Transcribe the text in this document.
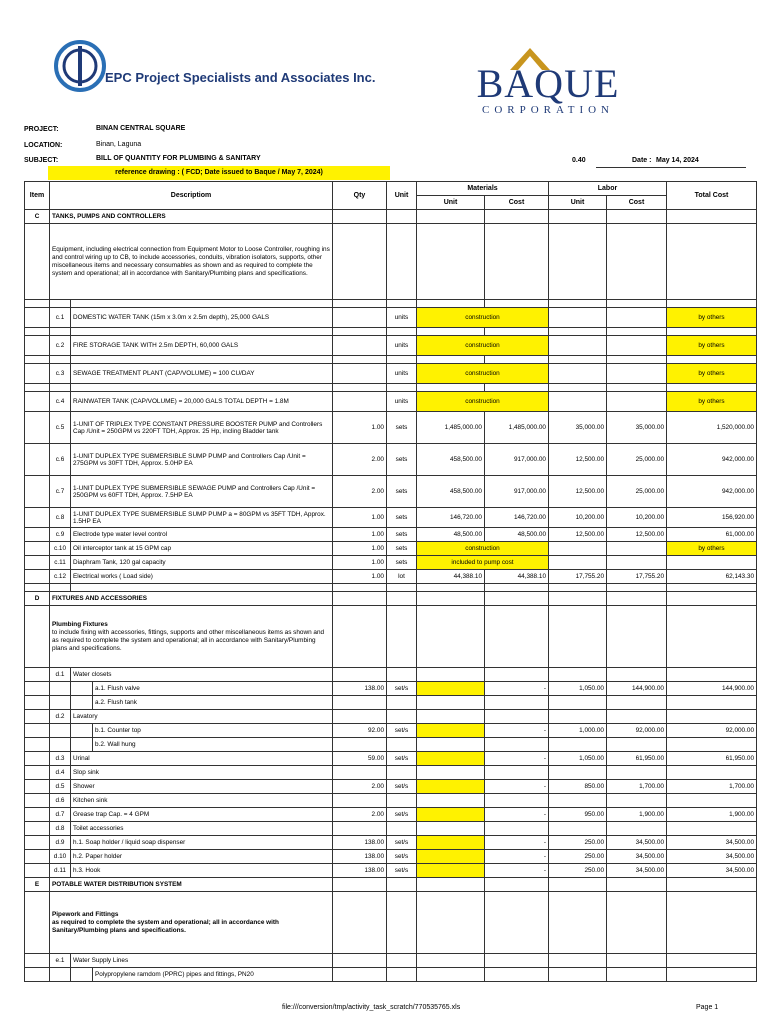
EPC Project Specialists and Associates Inc.	BAQUE
CORPORATION
PROJECT:	BINAN CENTRAL SQUARE
LOCATION:	Binan, Laguna
SUBJECT:	BILL OF QUANTITY FOR PLUMBING & SANITARY	0.40	Date : May 14, 2024
reference drawing : ( FCD; Date issued to Baque / May 7, 2024)
Item	Descriptiom			Qty	Unit	Materials		Labor		Total Cost
						Unit	Cost	Unit	Cost	
C	TANKS, PUMPS AND CONTROLLERS									

	Equipment, including electrical connection from Equipment Motor to Loose Controller, roughing ins and control wiring up to CB, to include accessories, conduits, vibration isolators, supports, other miscellaneous items and necessary consumables as shown and as required to complete the system and operational; all in accordance with Sanitary/Plumbing plans and specifications.									

	c.1	DOMESTIC WATER TANK (15m x 3.0m x 2.5m depth), 25,000 GALS			units	construction				by others

	c.2	FIRE STORAGE TANK WITH 2.5m DEPTH, 60,000 GALS			units	construction				by others

	c.3	SEWAGE TREATMENT PLANT (CAP/VOLUME) = 100 CU/DAY			units	construction				by others

	c.4	RAINWATER TANK (CAP/VOLUME) = 20,000 GALS TOTAL DEPTH = 1.8M			units	construction				by others
	c.5	1-UNIT OF TRIPLEX TYPE CONSTANT PRESSURE BOOSTER PUMP and Controllers Cap /Unit = 250GPM vs 220FT TDH, Approx. 25 Hp, incling Bladder tank		1.00	sets	1,485,000.00	1,485,000.00	35,000.00	35,000.00	1,520,000.00
	c.6	1-UNIT DUPLEX TYPE SUBMERSIBLE SUMP PUMP and Controllers Cap /Unit = 275GPM vs 30FT TDH, Approx. 5.0HP EA		2.00	sets	458,500.00	917,000.00	12,500.00	25,000.00	942,000.00
	c.7	1-UNIT DUPLEX TYPE SUBMERSIBLE SEWAGE PUMP and Controllers Cap /Unit = 250GPM vs 60FT TDH, Approx. 7.5HP EA		2.00	sets	458,500.00	917,000.00	12,500.00	25,000.00	942,000.00
	c.8	1-UNIT DUPLEX TYPE SUBMERSIBLE SUMP PUMP a = 80GPM vs 35FT TDH, Approx. 1.5HP EA		1.00	sets	146,720.00	146,720.00	10,200.00	10,200.00	156,920.00
	c.9	Electrode type water level control		1.00	sets	48,500.00	48,500.00	12,500.00	12,500.00	61,000.00
	c.10	Oil interceptor tank at 15 GPM cap		1.00	sets	construction				by others
	c.11	Diaphram Tank, 120 gal capacity		1.00	sets	included to pump cost				
	c.12	Electrical works ( Load side)		1.00	lot	44,388.10	44,388.10	17,755.20	17,755.20	62,143.30

D	FIXTURES AND ACCESSORIES									

	Plumbing Fixtures
to include fixing with accessories, fittings, supports and other miscellaneous items as shown and as required to complete the system and operational; all in accordance with Sanitary/Plumbing plans and specifications.									

	d.1	Water closets								
			a.1. Flush valve	138.00	set/s		-	1,050.00	144,900.00	144,900.00
			a.2. Flush tank							
	d.2	Lavatory								
			b.1. Counter top	92.00	set/s		-	1,000.00	92,000.00	92,000.00
			b.2. Wall hung							
	d.3	Urinal		59.00	set/s		-	1,050.00	61,950.00	61,950.00
	d.4	Slop sink								
	d.5	Shower		2.00	set/s		-	850.00	1,700.00	1,700.00
	d.6	Kitchen sink								
	d.7	Grease trap Cap. = 4 GPM		2.00	set/s		-	950.00	1,900.00	1,900.00
	d.8	Toilet accessories								
	d.9	h.1. Soap holder / liquid soap dispenser		138.00	set/s		-	250.00	34,500.00	34,500.00
	d.10	h.2. Paper holder		138.00	set/s		-	250.00	34,500.00	34,500.00
	d.11	h.3. Hook		138.00	set/s		-	250.00	34,500.00	34,500.00
E	POTABLE WATER DISTRIBUTION SYSTEM									

	Pipework and Fittings
as required to complete the system and operational; all in accordance with Sanitary/Plumbing plans and specifications.									

	e.1	Water Supply Lines								
			Polypropylene ramdom (PPRC) pipes and fittings, PN20							
file:///conversion/tmp/activity_task_scratch/770535765.xls	Page 1
